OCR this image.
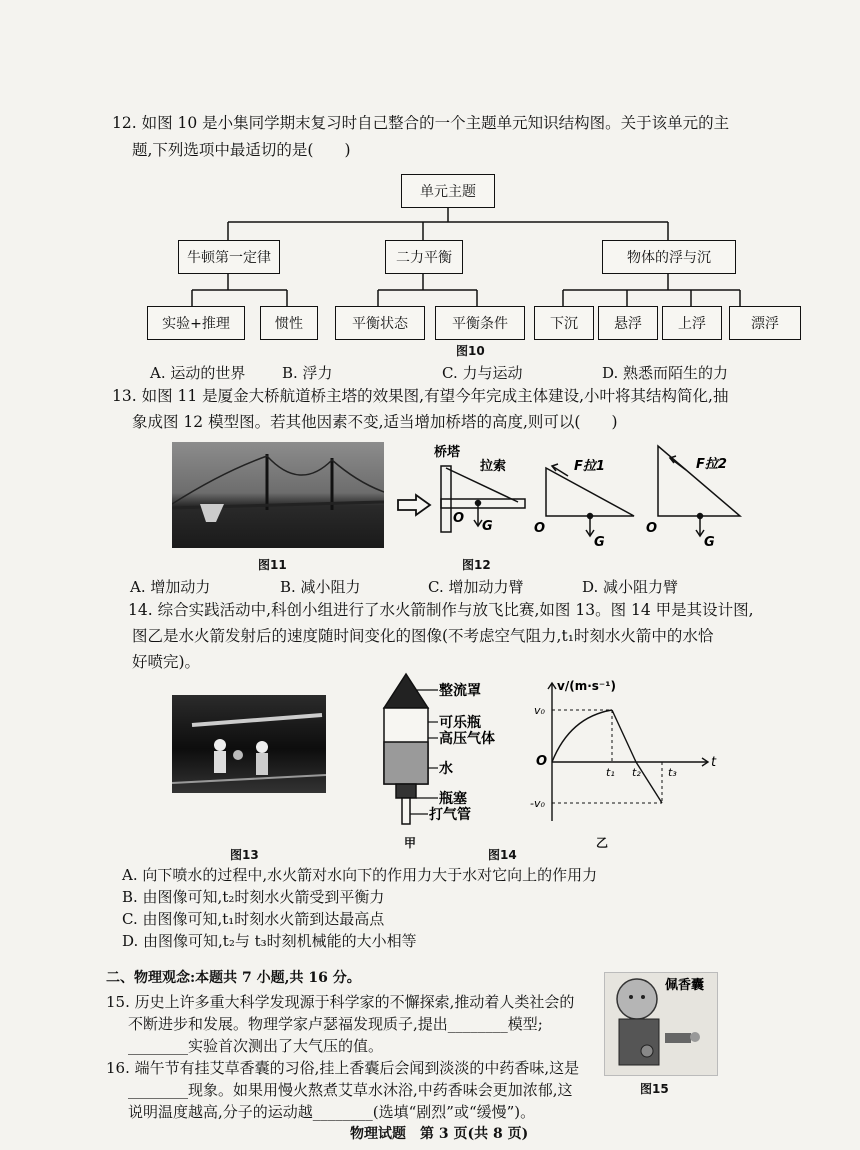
12. 如图 10 是小集同学期末复习时自己整合的一个主题单元知识结构图。关于该单元的主
题,下列选项中最适切的是(　　)
单元主题
牛顿第一定律	二力平衡	物体的浮与沉
实验+推理	惯性	平衡状态	平衡条件	下沉	悬浮	上浮	漂浮
图10
A. 运动的世界 B. 浮力	C. 力与运动	D. 熟悉而陌生的力
13. 如图 11 是厦金大桥航道桥主塔的效果图,有望今年完成主体建设,小叶将其结构简化,抽
象成图 12 模型图。若其他因素不变,适当增加桥塔的高度,则可以(　　)
桥塔
拉索
O
G
F拉1
O
G
F拉2
O
G
图11	图12
A. 增加动力	B. 减小阻力	C. 增加动力臂	D. 减小阻力臂
14. 综合实践活动中,科创小组进行了水火箭制作与放飞比赛,如图 13。图 14 甲是其设计图,
图乙是水火箭发射后的速度随时间变化的图像(不考虑空气阻力,t₁时刻水火箭中的水恰
好喷完)。
整流罩
可乐瓶
高压气体
水
瓶塞
打气管
v/(m·s⁻¹)
v₀
-v₀
O
t₁ t₂ t₃
t
图13	图14
甲	乙
A. 向下喷水的过程中,水火箭对水向下的作用力大于水对它向上的作用力
B. 由图像可知,t₂时刻水火箭受到平衡力
C. 由图像可知,t₁时刻水火箭到达最高点
D. 由图像可知,t₂与 t₃时刻机械能的大小相等
二、物理观念:本题共 7 小题,共 16 分。
15. 历史上许多重大科学发现源于科学家的不懈探索,推动着人类社会的
不断进步和发展。物理学家卢瑟福发现质子,提出________模型;
________实验首次测出了大气压的值。
16. 端午节有挂艾草香囊的习俗,挂上香囊后会闻到淡淡的中药香味,这是
________现象。如果用慢火熬煮艾草水沐浴,中药香味会更加浓郁,这
说明温度越高,分子的运动越________(选填“剧烈”或“缓慢”)。
佩香囊
图15
物理试题　第 3 页(共 8 页)
